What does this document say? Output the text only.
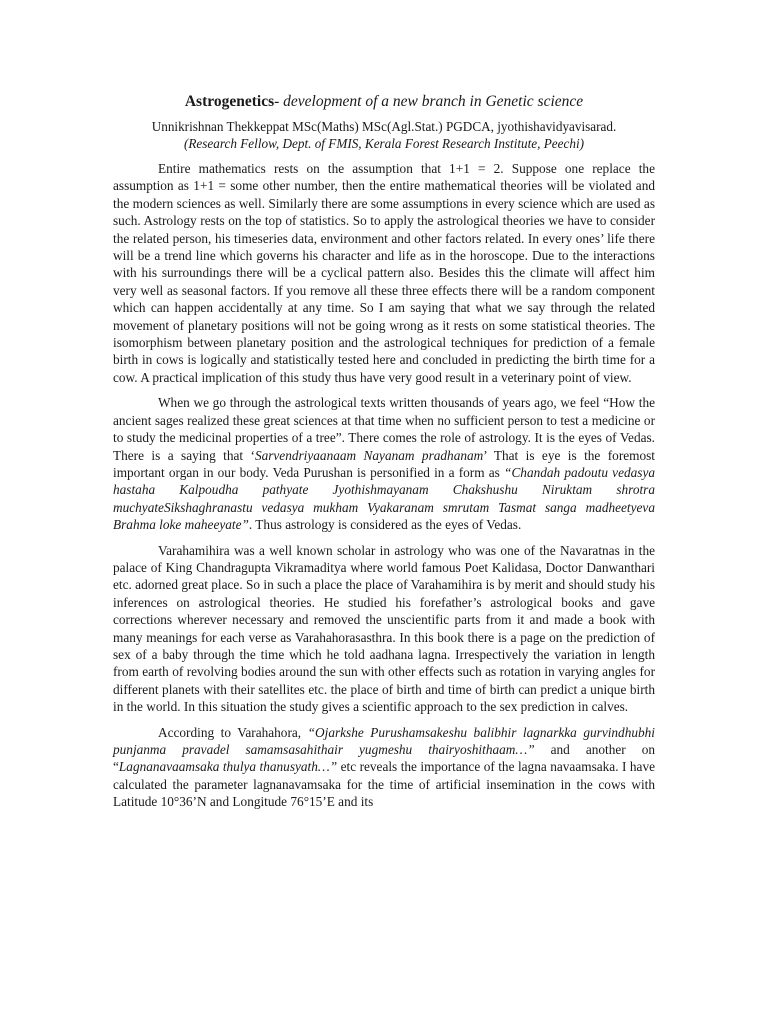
Astrogenetics- development of a new branch in Genetic science

Unnikrishnan Thekkeppat MSc(Maths) MSc(Agl.Stat.) PGDCA, jyothishavidyavisarad.

(Research Fellow, Dept. of FMIS, Kerala Forest Research Institute, Peechi)

Entire mathematics rests on the assumption that 1+1 = 2. Suppose one replace the assumption as 1+1 = some other number, then the entire mathematical theories will be violated and the modern sciences as well. Similarly there are some assumptions in every science which are used as such. Astrology rests on the top of statistics. So to apply the astrological theories we have to consider the related person, his timeseries data, environment and other factors related. In every ones’ life there will be a trend line which governs his character and life as in the horoscope. Due to the interactions with his surroundings there will be a cyclical pattern also. Besides this the climate will affect him very well as seasonal factors. If you remove all these three effects there will be a random component which can happen accidentally at any time. So I am saying that what we say through the related movement of planetary positions will not be going wrong as it rests on some statistical theories. The isomorphism between planetary position and the astrological techniques for prediction of a female birth in cows is logically and statistically tested here and concluded in predicting the birth time for a cow. A practical implication of this study thus have very good result in a veterinary point of view.

When we go through the astrological texts written thousands of years ago, we feel “How the ancient sages realized these great sciences at that time when no sufficient person to test a medicine or to study the medicinal properties of a tree”. There comes the role of astrology. It is the eyes of Vedas. There is a saying that ‘Sarvendriyaanaam Nayanam pradhanam’ That is eye is the foremost important organ in our body. Veda Purushan is personified in a form as “Chandah padoutu vedasya hastaha Kalpoudha pathyate Jyothishmayanam Chakshushu Niruktam shrotra muchyateSikshaghranastu vedasya mukham Vyakaranam smrutam Tasmat sanga madheetyeva Brahma loke maheeyate”. Thus astrology is considered as the eyes of Vedas.

Varahamihira was a well known scholar in astrology who was one of the Navaratnas in the palace of King Chandragupta Vikramaditya where world famous Poet Kalidasa, Doctor Danwanthari etc. adorned great place. So in such a place the place of Varahamihira is by merit and should study his inferences on astrological theories. He studied his forefather’s astrological books and gave corrections wherever necessary and removed the unscientific parts from it and made a book with many meanings for each verse as Varahahorasasthra. In this book there is a page on the prediction of sex of a baby through the time which he told aadhana lagna. Irrespectively the variation in length from earth of revolving bodies around the sun with other effects such as rotation in varying angles for different planets with their satellites etc. the place of birth and time of birth can predict a unique birth in the world. In this situation the study gives a scientific approach to the sex prediction in calves.

According to Varahahora, “Ojarkshe Purushamsakeshu balibhir lagnarkka gurvindhubhi punjanma pravadel samamsasahithair yugmeshu thairyoshithaam…” and another on “Lagnanavaamsaka thulya thanusyath…” etc reveals the importance of the lagna navaamsaka. I have calculated the parameter lagnanavamsaka for the time of artificial insemination in the cows with Latitude 10°36’N and Longitude 76°15’E and its
